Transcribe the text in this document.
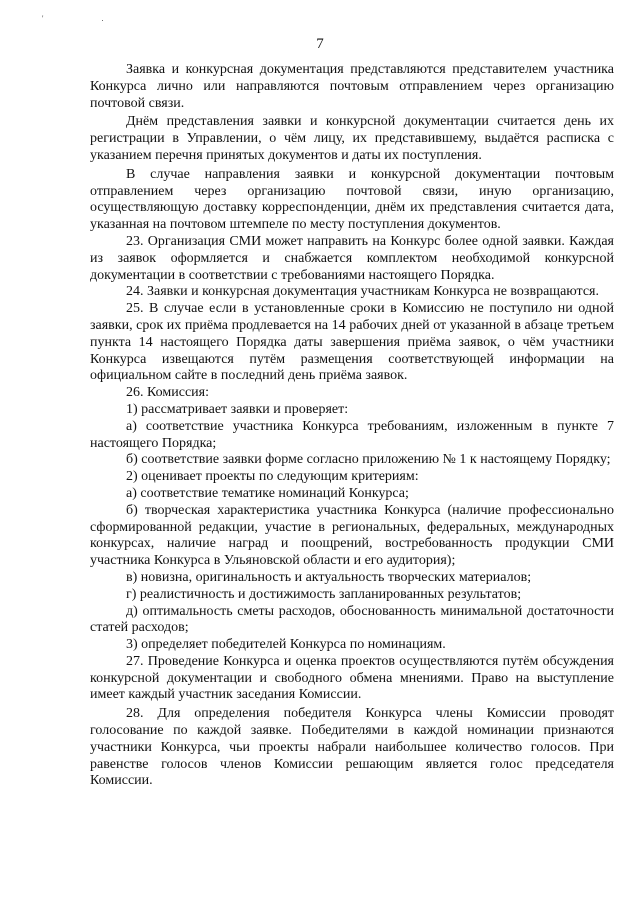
' .
7

Заявка и конкурсная документация представляются представителем участника Конкурса лично или направляются почтовым отправлением через организацию почтовой связи.

Днём представления заявки и конкурсной документации считается день их регистрации в Управлении, о чём лицу, их представившему, выдаётся расписка с указанием перечня принятых документов и даты их поступления.

В случае направления заявки и конкурсной документации почтовым отправлением через организацию почтовой связи, иную организацию, осуществляющую доставку корреспонденции, днём их представления считается дата, указанная на почтовом штемпеле по месту поступления документов.

23. Организация СМИ может направить на Конкурс более одной заявки. Каждая из заявок оформляется и снабжается комплектом необходимой конкурсной документации в соответствии с требованиями настоящего Порядка.

24. Заявки и конкурсная документация участникам Конкурса не возвращаются.

25. В случае если в установленные сроки в Комиссию не поступило ни одной заявки, срок их приёма продлевается на 14 рабочих дней от указанной в абзаце третьем пункта 14 настоящего Порядка даты завершения приёма заявок, о чём участники Конкурса извещаются путём размещения соответствующей информации на официальном сайте в последний день приёма заявок.

26. Комиссия:

1) рассматривает заявки и проверяет:

а) соответствие участника Конкурса требованиям, изложенным в пункте 7 настоящего Порядка;

б) соответствие заявки форме согласно приложению № 1 к настоящему Порядку;

2) оценивает проекты по следующим критериям:

а) соответствие тематике номинаций Конкурса;

б) творческая характеристика участника Конкурса (наличие профессионально сформированной редакции, участие в региональных, федеральных, международных конкурсах, наличие наград и поощрений, востребованность продукции СМИ участника Конкурса в Ульяновской области и его аудитория);

в) новизна, оригинальность и актуальность творческих материалов;

г) реалистичность и достижимость запланированных результатов;

д) оптимальность сметы расходов, обоснованность минимальной достаточности статей расходов;

3) определяет победителей Конкурса по номинациям.

27. Проведение Конкурса и оценка проектов осуществляются путём обсуждения конкурсной документации и свободного обмена мнениями. Право на выступление имеет каждый участник заседания Комиссии.

28. Для определения победителя Конкурса члены Комиссии проводят голосование по каждой заявке. Победителями в каждой номинации признаются участники Конкурса, чьи проекты набрали наибольшее количество голосов. При равенстве голосов членов Комиссии решающим является голос председателя Комиссии.
